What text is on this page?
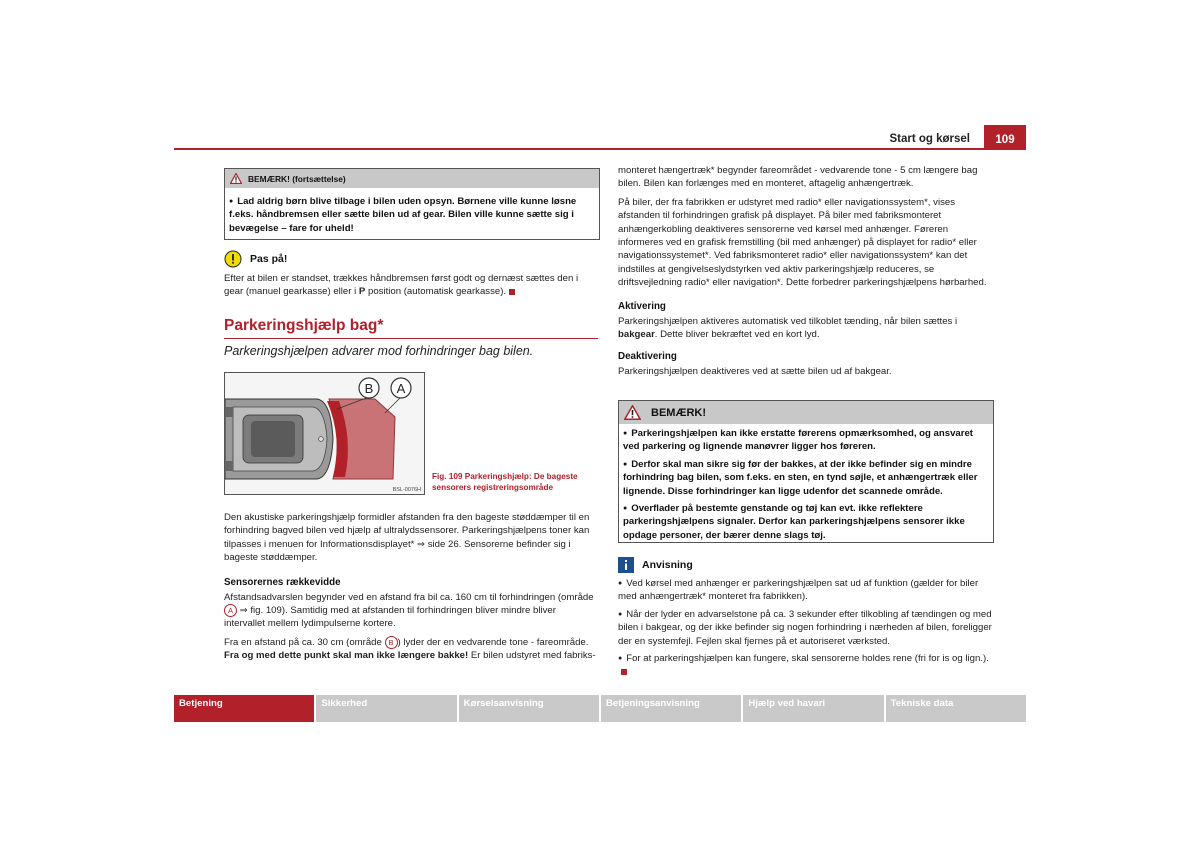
Start og kørsel	109
BEMÆRK! (fortsættelse)

● Lad aldrig børn blive tilbage i bilen uden opsyn. Børnene ville kunne løsne f.eks. håndbremsen eller sætte bilen ud af gear. Bilen ville kunne sætte sig i bevægelse – fare for uheld!

Pas på!

Efter at bilen er standset, trækkes håndbremsen først godt og dernæst sættes den i gear (manuel gearkasse) eller i P position (automatisk gearkasse).

Parkeringshjælp bag*
Parkeringshjælpen advarer mod forhindringer bag bilen.
B A
BSL-0076H
Fig. 109 Parkeringshjælp: De bageste sensorers registreringsområde

Den akustiske parkeringshjælp formidler afstanden fra den bageste støddæmper til en forhindring bagved bilen ved hjælp af ultralydssensorer. Parkeringshjælpens toner kan tilpasses i menuen for Informationsdisplayet* ⇒ side 26. Sensorerne befinder sig i bageste støddæmper.

Sensorernes rækkevidde

Afstandsadvarslen begynder ved en afstand fra bil ca. 160 cm til forhindringen (område A ⇒ fig. 109). Samtidig med at afstanden til forhindringen bliver mindre bliver intervallet mellem lydimpulserne kortere.

Fra en afstand på ca. 30 cm (område B ) lyder der en vedvarende tone - fareområde. Fra og med dette punkt skal man ikke længere bakke! Er bilen udstyret med fabriks-

monteret hængertræk* begynder fareområdet - vedvarende tone - 5 cm længere bag bilen. Bilen kan forlænges med en monteret, aftagelig anhængertræk.

På biler, der fra fabrikken er udstyret med radio* eller navigationssystem*, vises afstanden til forhindringen grafisk på displayet. På biler med fabriksmonteret anhængerkobling deaktiveres sensorerne ved kørsel med anhænger. Føreren informeres ved en grafisk fremstilling (bil med anhænger) på displayet for radio* eller navigationssystemet*. Ved fabriksmonteret radio* eller navigationssystem* kan det indstilles at gengivelseslydstyrken ved aktiv parkeringshjælp reduceres, se driftsvejledning radio* eller navigation*. Dette forbedrer parkeringshjælpens hørbarhed.

Aktivering

Parkeringshjælpen aktiveres automatisk ved tilkoblet tænding, når bilen sættes i bakgear. Dette bliver bekræftet ved en kort lyd.

Deaktivering

Parkeringshjælpen deaktiveres ved at sætte bilen ud af bakgear.

BEMÆRK!

● Parkeringshjælpen kan ikke erstatte førerens opmærksomhed, og ansvaret ved parkering og lignende manøvrer ligger hos føreren.

● Derfor skal man sikre sig før der bakkes, at der ikke befinder sig en mindre forhindring bag bilen, som f.eks. en sten, en tynd søjle, et anhængertræk eller lignende. Disse forhindringer kan ligge udenfor det scannede område.

● Overflader på bestemte genstande og tøj kan evt. ikke reflektere parkeringshjælpens signaler. Derfor kan parkeringshjælpens sensorer ikke opdage personer, der bærer denne slags tøj.

Anvisning

● Ved kørsel med anhænger er parkeringshjælpen sat ud af funktion (gælder for biler med anhængertræk* monteret fra fabrikken).

● Når der lyder en advarselstone på ca. 3 sekunder efter tilkobling af tændingen og med bilen i bakgear, og der ikke befinder sig nogen forhindring i nærheden af bilen, foreligger der en systemfejl. Fejlen skal fjernes på et autoriseret værksted.

● For at parkeringshjælpen kan fungere, skal sensorerne holdes rene (fri for is og lign.).

Betjening	Sikkerhed	Kørselsanvisning	Betjeningsanvisning	Hjælp ved havari	Tekniske data
